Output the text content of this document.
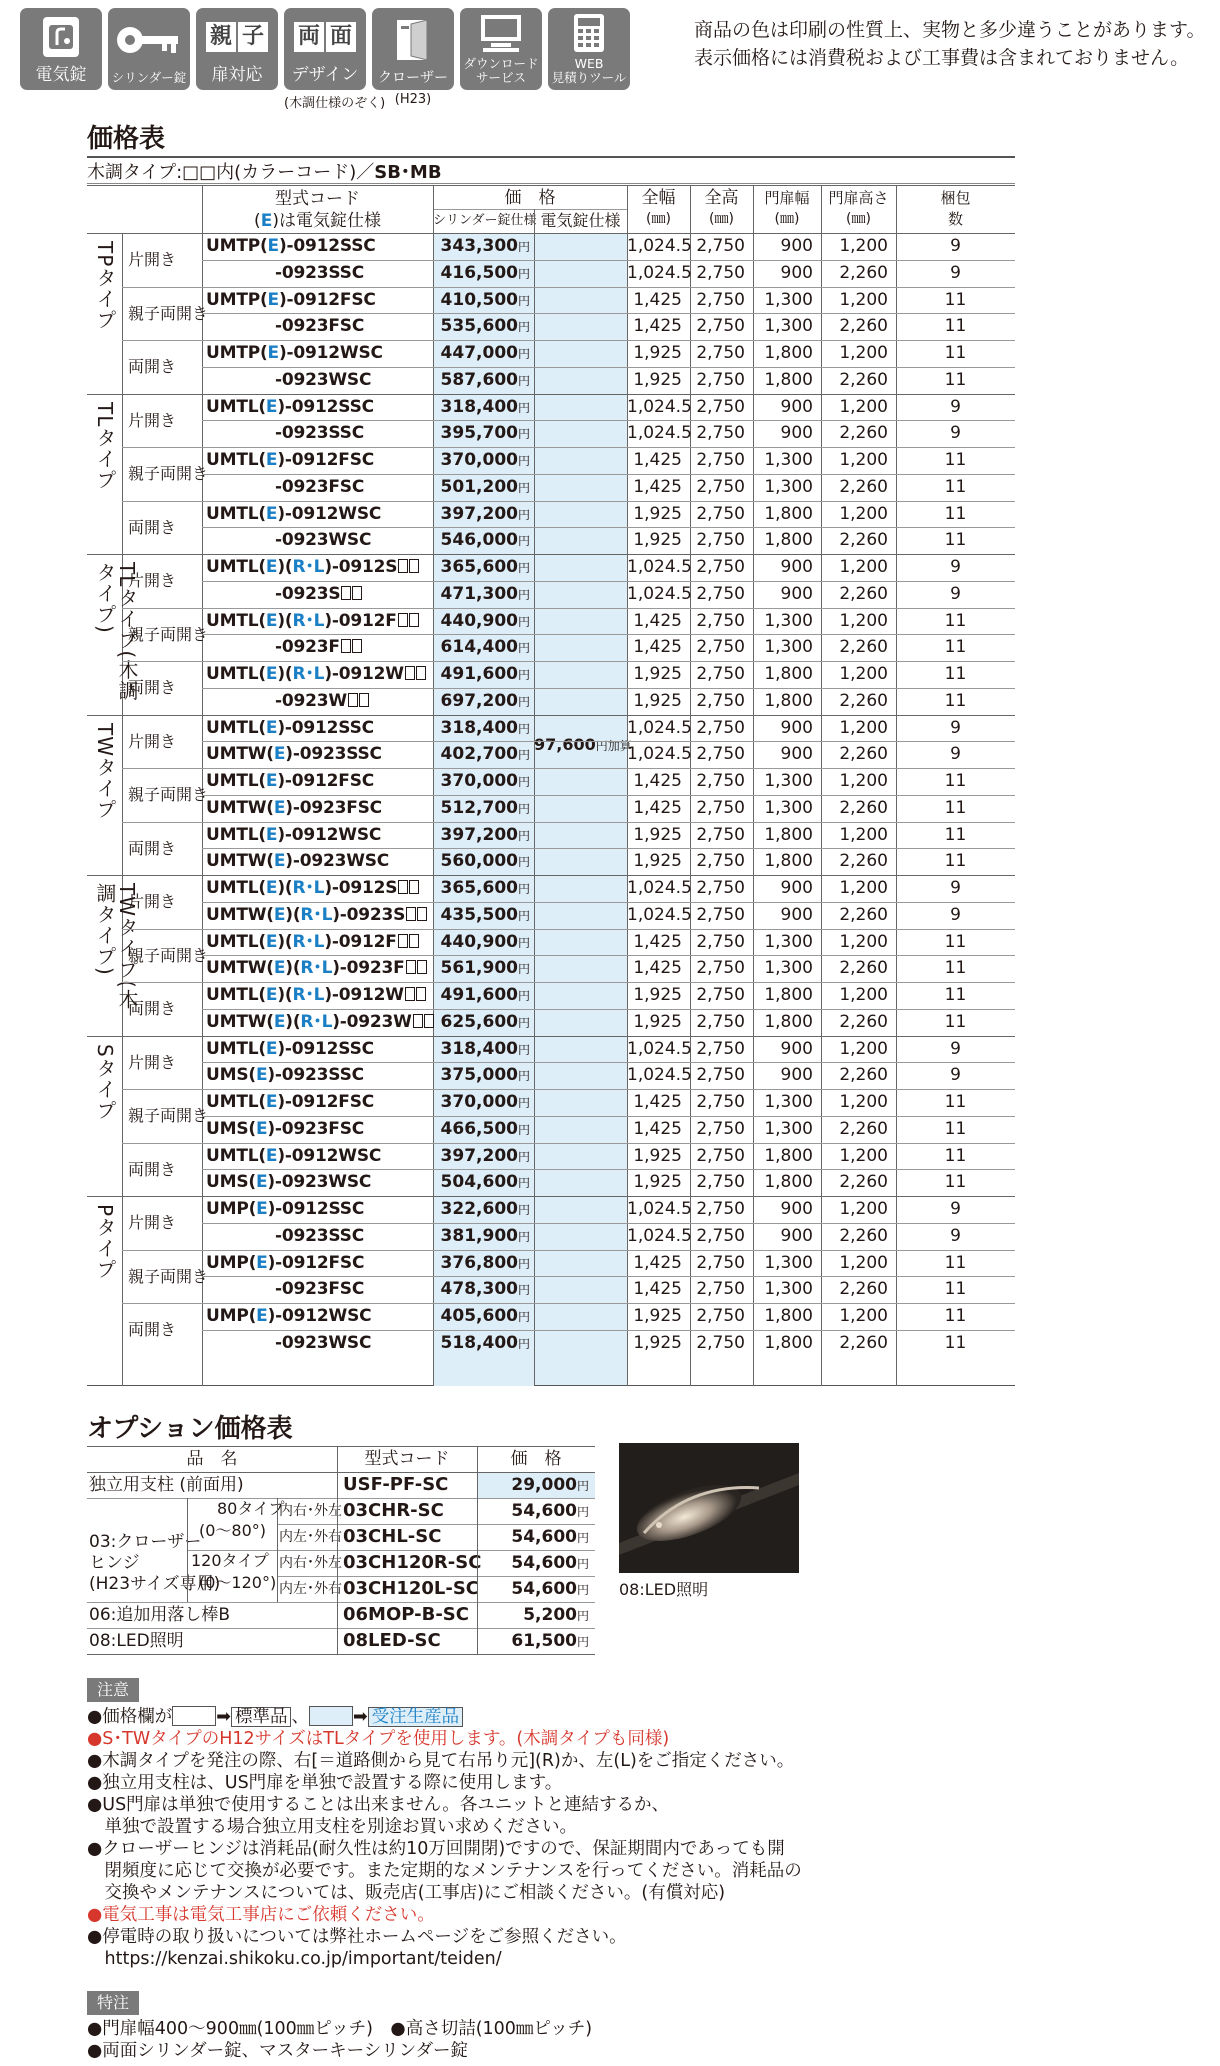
電気錠 シリンダー錠
親 子
扉対応
両 面
デザイン
(木調仕様のぞく)
クローザー
(H23)
ダウンロード
サービス
WEB
見積りツール
商品の色は印刷の性質上、実物と多少違うことがあります。
表示価格には消費税および工事費は含まれておりません。
価格表
木調タイプ:□□内(カラーコード)／SB･MB
型式コード
(E)は電気錠仕様
価　格
シリンダー錠仕様 電気錠仕様
全幅
(㎜)
全高
(㎜)
門扉幅
(㎜)
門扉高さ
(㎜)
梱包
数
97,600円加算
TPタイプ 片開き
UMTP(E)-0912SSC	343,300円	1,024.5 2,750	900	1,200	9
-0923SSC	416,500円	1,024.5 2,750	900	2,260	9
親子両開き
UMTP(E)-0912FSC	410,500円	1,425 2,750	1,300	1,200	11
-0923FSC	535,600円	1,425 2,750	1,300	2,260	11
両開き
UMTP(E)-0912WSC	447,000円	1,925 2,750	1,800	1,200	11
-0923WSC	587,600円	1,925 2,750	1,800	2,260	11
TLタイプ 片開き
UMTL(E)-0912SSC	318,400円	1,024.5 2,750	900	1,200	9
-0923SSC	395,700円	1,024.5 2,750	900	2,260	9
親子両開き
UMTL(E)-0912FSC	370,000円	1,425 2,750	1,300	1,200	11
-0923FSC	501,200円	1,425 2,750	1,300	2,260	11
両開き
UMTL(E)-0912WSC	397,200円	1,925 2,750	1,800	1,200	11
-0923WSC	546,000円	1,925 2,750	1,800	2,260	11
TLタイプ(木調タイプ) 片開き
UMTL(E)(R･L)-0912S	365,600円	1,024.5 2,750	900	1,200	9
-0923S	471,300円	1,024.5 2,750	900	2,260	9
親子両開き
UMTL(E)(R･L)-0912F	440,900円	1,425 2,750	1,300	1,200	11
-0923F	614,400円	1,425 2,750	1,300	2,260	11
両開き
UMTL(E)(R･L)-0912W	491,600円	1,925 2,750	1,800	1,200	11
-0923W	697,200円	1,925 2,750	1,800	2,260	11
TWタイプ 片開き
UMTL(E)-0912SSC	318,400円	1,024.5 2,750	900	1,200	9
UMTW(E)-0923SSC	402,700円	1,024.5 2,750	900	2,260	9
親子両開き
UMTL(E)-0912FSC	370,000円	1,425 2,750	1,300	1,200	11
UMTW(E)-0923FSC	512,700円	1,425 2,750	1,300	2,260	11
両開き
UMTL(E)-0912WSC	397,200円	1,925 2,750	1,800	1,200	11
UMTW(E)-0923WSC	560,000円	1,925 2,750	1,800	2,260	11
TWタイプ(木調タイプ) 片開き
UMTL(E)(R･L)-0912S	365,600円	1,024.5 2,750	900	1,200	9
UMTW(E)(R･L)-0923S	435,500円	1,024.5 2,750	900	2,260	9
親子両開き
UMTL(E)(R･L)-0912F	440,900円	1,425 2,750	1,300	1,200	11
UMTW(E)(R･L)-0923F	561,900円	1,425 2,750	1,300	2,260	11
両開き
UMTL(E)(R･L)-0912W	491,600円	1,925 2,750	1,800	1,200	11
UMTW(E)(R･L)-0923W	625,600円	1,925 2,750	1,800	2,260	11
Sタイプ 片開き
UMTL(E)-0912SSC	318,400円	1,024.5 2,750	900	1,200	9
UMS(E)-0923SSC	375,000円	1,024.5 2,750	900	2,260	9
親子両開き
UMTL(E)-0912FSC	370,000円	1,425 2,750	1,300	1,200	11
UMS(E)-0923FSC	466,500円	1,425 2,750	1,300	2,260	11
両開き
UMTL(E)-0912WSC	397,200円	1,925 2,750	1,800	1,200	11
UMS(E)-0923WSC	504,600円	1,925 2,750	1,800	2,260	11
Pタイプ 片開き
UMP(E)-0912SSC	322,600円	1,024.5 2,750	900	1,200	9
-0923SSC	381,900円	1,024.5 2,750	900	2,260	9
親子両開き
UMP(E)-0912FSC	376,800円	1,425 2,750	1,300	1,200	11
-0923FSC	478,300円	1,425 2,750	1,300	2,260	11
両開き
UMP(E)-0912WSC	405,600円	1,925 2,750	1,800	1,200	11
-0923WSC	518,400円	1,925 2,750	1,800	2,260	11
オプション価格表
品　名	型式コード	価　格
03:クローザー
ヒンジ
(H23サイズ専用)
80タイプ
(0～80°)
120タイプ
(0～120°)
独立用支柱 (前面用)	USF-PF-SC	29,000円
内右･外左 03CHR-SC	54,600円
内左･外右 03CHL-SC	54,600円
内右･外左 03CH120R-SC	54,600円
内左･外右 03CH120L-SC	54,600円
06:追加用落し棒B	06MOP-B-SC	5,200円
08:LED照明	08LED-SC	61,500円
08:LED照明
注意
●価格欄が	➡ 標準品 、	➡ 受注生産品
●S･TWタイプのH12サイズはTLタイプを使用します。(木調タイプも同様)
●木調タイプを発注の際、右[＝道路側から見て右吊り元](R)か、左(L)をご指定ください。
●独立用支柱は、US門扉を単独で設置する際に使用します。
●US門扉は単独で使用することは出来ません。各ユニットと連結するか、
　単独で設置する場合独立用支柱を別途お買い求めください。
●クローザーヒンジは消耗品(耐久性は約10万回開閉)ですので、保証期間内であっても開
　閉頻度に応じて交換が必要です。また定期的なメンテナンスを行ってください。消耗品の
　交換やメンテナンスについては、販売店(工事店)にご相談ください。(有償対応)
●電気工事は電気工事店にご依頼ください。
●停電時の取り扱いについては弊社ホームページをご参照ください。
　https://kenzai.shikoku.co.jp/important/teiden/
特注
●門扉幅400～900㎜(100㎜ピッチ)　●高さ切詰(100㎜ピッチ)
●両面シリンダー錠、マスターキーシリンダー錠
